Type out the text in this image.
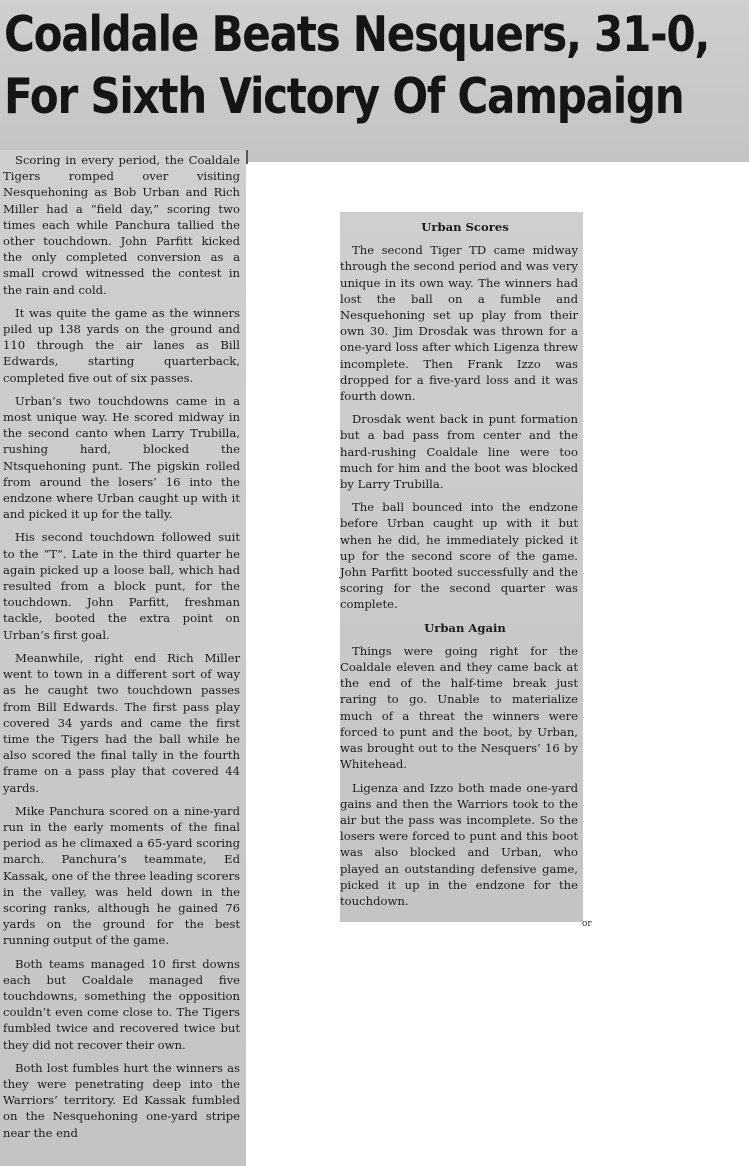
Coaldale Beats Nesquers, 31-0,
For Sixth Victory Of Campaign

Scoring in every period, the Coaldale Tigers romped over visiting Nesquehoning as Bob Urban and Rich Miller had a “field day,” scoring two times each while Panchura tallied the other touchdown. John Parfitt kicked the only completed conversion as a small crowd witnessed the contest in the rain and cold.

It was quite the game as the winners piled up 138 yards on the ground and 110 through the air lanes as Bill Edwards, starting quarterback, completed five out of six passes.

Urban’s two touchdowns came in a most unique way. He scored midway in the second canto when Larry Trubilla, rushing hard, blocked the Ntsquehoning punt. The pigskin rolled from around the losers’ 16 into the endzone where Urban caught up with it and picked it up for the tally.

His second touchdown followed suit to the “T”. Late in the third quarter he again picked up a loose ball, which had resulted from a block punt, for the touchdown. John Parfitt, freshman tackle, booted the extra point on Urban’s first goal.

Meanwhile, right end Rich Miller went to town in a different sort of way as he caught two touchdown passes from Bill Edwards. The first pass play covered 34 yards and came the first time the Tigers had the ball while he also scored the final tally in the fourth frame on a pass play that covered 44 yards.

Mike Panchura scored on a nine-yard run in the early moments of the final period as he climaxed a 65-yard scoring march. Panchura’s teammate, Ed Kassak, one of the three leading scorers in the valley, was held down in the scoring ranks, although he gained 76 yards on the ground for the best running output of the game.

Both teams managed 10 first downs each but Coaldale managed five touchdowns, something the opposition couldn’t even come close to. The Tigers fumbled twice and recovered twice but they did not recover their own.

Both lost fumbles hurt the winners as they were penetrating deep into the Warriors’ territory. Ed Kassak fumbled on the Nesquehoning one-yard stripe near the end

Urban Scores

The second Tiger TD came midway through the second period and was very unique in its own way. The winners had lost the ball on a fumble and Nesquehoning set up play from their own 30. Jim Drosdak was thrown for a one-yard loss after which Ligenza threw incomplete. Then Frank Izzo was dropped for a five-yard loss and it was fourth down.

Drosdak went back in punt formation but a bad pass from center and the hard-rushing Coaldale line were too much for him and the boot was blocked by Larry Trubilla.

The ball bounced into the endzone before Urban caught up with it but when he did, he immediately picked it up for the second score of the game. John Parfitt booted successfully and the scoring for the second quarter was complete.

Urban Again

Things were going right for the Coaldale eleven and they came back at the end of the half-time break just raring to go. Unable to materialize much of a threat the winners were forced to punt and the boot, by Urban, was brought out to the Nesquers’ 16 by Whitehead.

Ligenza and Izzo both made one-yard gains and then the Warriors took to the air but the pass was incomplete. So the losers were forced to punt and this boot was also blocked and Urban, who played an outstanding defensive game, picked it up in the endzone for the touchdown.

or
